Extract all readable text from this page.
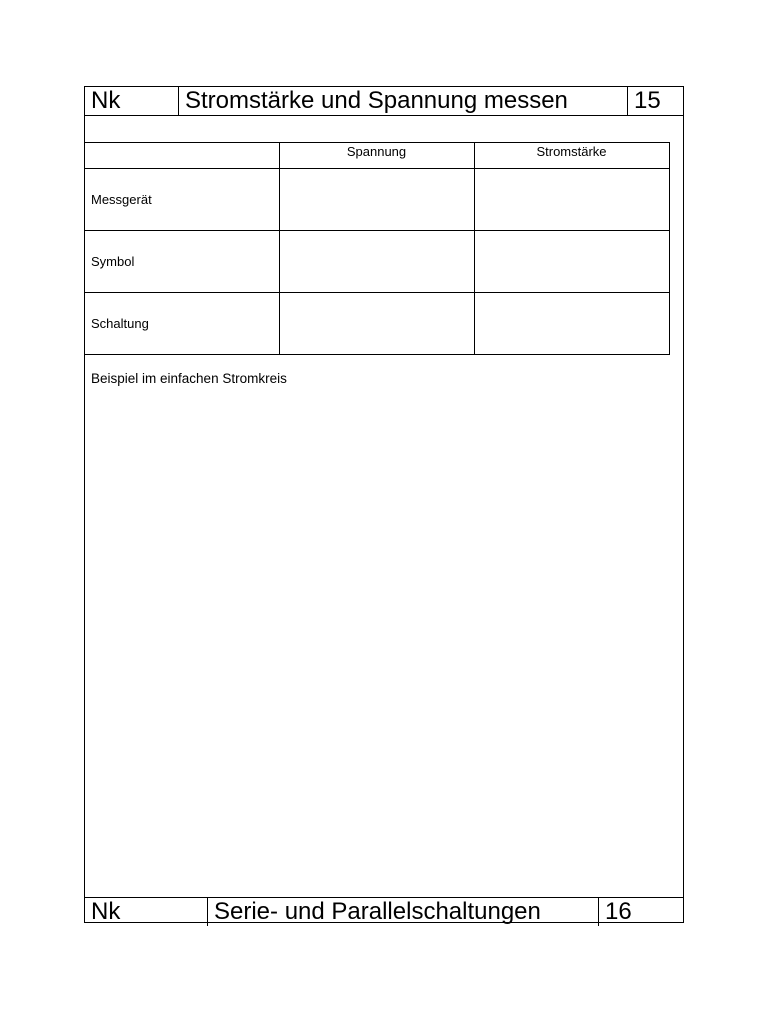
Nk	Stromstärke und Spannung messen	15
	Spannung	Stromstärke
Messgerät		
Symbol		
Schaltung		
Beispiel im einfachen Stromkreis
Nk	Serie- und Parallelschaltungen	16
